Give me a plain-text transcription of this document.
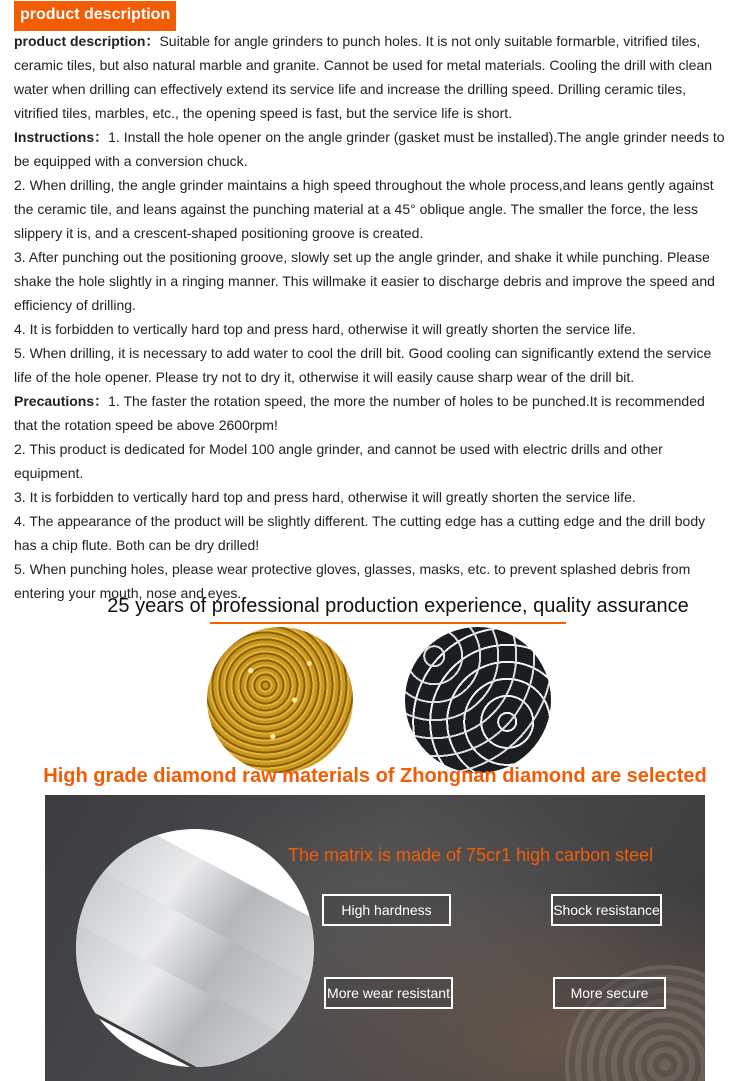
product description

product description：Suitable for angle grinders to punch holes. It is not only suitable formarble, vitrified tiles, ceramic tiles, but also natural marble and granite. Cannot be used for metal materials. Cooling the drill with clean water when drilling can effectively extend its service life and increase the drilling speed. Drilling ceramic tiles, vitrified tiles, marbles, etc., the opening speed is fast, but the service life is short.

Instructions：1. Install the hole opener on the angle grinder (gasket must be installed).The angle grinder needs to be equipped with a conversion chuck.

2. When drilling, the angle grinder maintains a high speed throughout the whole process,and leans gently against the ceramic tile, and leans against the punching material at a 45° oblique angle. The smaller the force, the less slippery it is, and a crescent-shaped positioning groove is created.

3. After punching out the positioning groove, slowly set up the angle grinder, and shake it while punching. Please shake the hole slightly in a ringing manner. This willmake it easier to discharge debris and improve the speed and efficiency of drilling.

4. It is forbidden to vertically hard top and press hard, otherwise it will greatly shorten the service life.

5. When drilling, it is necessary to add water to cool the drill bit. Good cooling can significantly extend the service life of the hole opener. Please try not to dry it, otherwise it will easily cause sharp wear of the drill bit.

Precautions：1. The faster the rotation speed, the more the number of holes to be punched.It is recommended that the rotation speed be above 2600rpm!

2. This product is dedicated for Model 100 angle grinder, and cannot be used with electric drills and other equipment.

3. It is forbidden to vertically hard top and press hard, otherwise it will greatly shorten the service life.

4. The appearance of the product will be slightly different. The cutting edge has a cutting edge and the drill body has a chip flute. Both can be dry drilled!

5. When punching holes, please wear protective gloves, glasses, masks, etc. to prevent splashed debris from entering your mouth, nose and eyes.

25 years of professional production experience, quality assurance
High grade diamond raw materials of Zhongnan diamond are selected
The matrix is made of 75cr1 high carbon steel
High hardness	Shock resistance
More wear resistant	More secure
